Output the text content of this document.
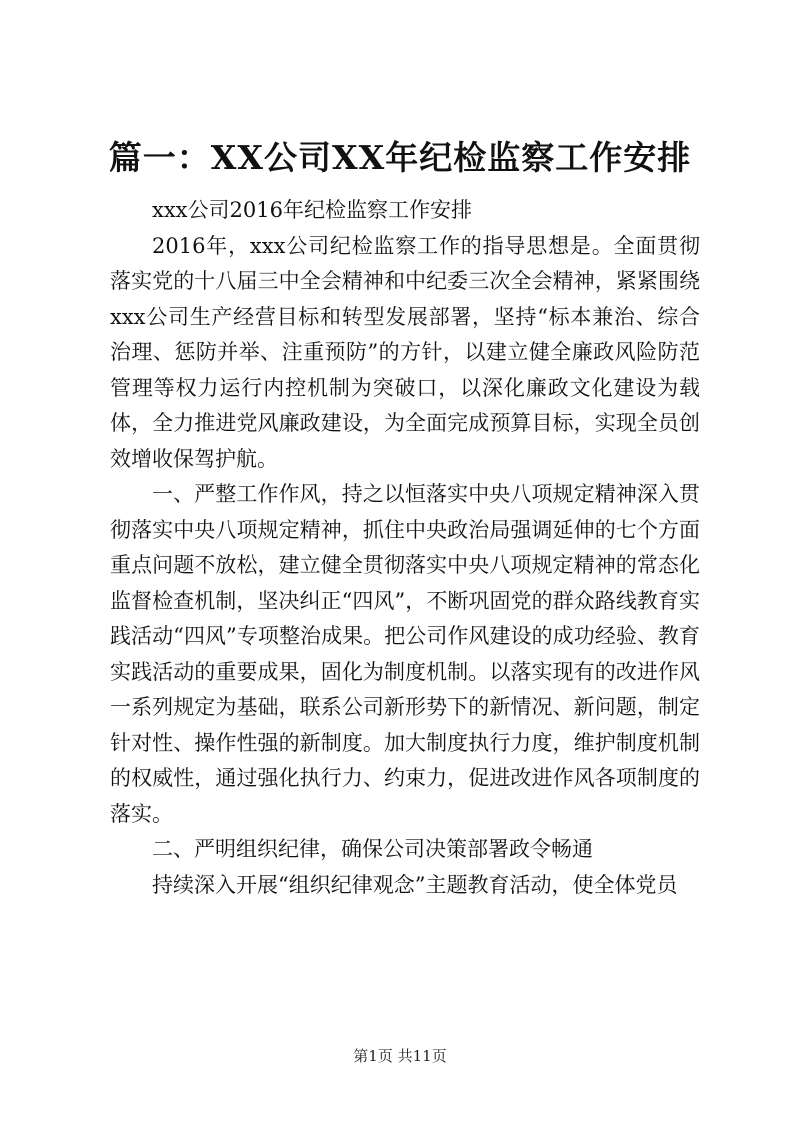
篇一：XX公司XX年纪检监察工作安排

xxx公司2016年纪检监察工作安排

2016年，xxx公司纪检监察工作的指导思想是。全面贯彻落实党的十八届三中全会精神和中纪委三次全会精神，紧紧围绕xxx公司生产经营目标和转型发展部署，坚持“标本兼治、综合治理、惩防并举、注重预防”的方针，以建立健全廉政风险防范管理等权力运行内控机制为突破口，以深化廉政文化建设为载体，全力推进党风廉政建设，为全面完成预算目标，实现全员创效增收保驾护航。

一、严整工作作风，持之以恒落实中央八项规定精神深入贯彻落实中央八项规定精神，抓住中央政治局强调延伸的七个方面重点问题不放松，建立健全贯彻落实中央八项规定精神的常态化监督检查机制，坚决纠正“四风”，不断巩固党的群众路线教育实践活动“四风”专项整治成果。把公司作风建设的成功经验、教育实践活动的重要成果，固化为制度机制。以落实现有的改进作风一系列规定为基础，联系公司新形势下的新情况、新问题，制定针对性、操作性强的新制度。加大制度执行力度，维护制度机制的权威性，通过强化执行力、约束力，促进改进作风各项制度的落实。

二、严明组织纪律，确保公司决策部署政令畅通

持续深入开展“组织纪律观念”主题教育活动，使全体党员

第1页 共11页
